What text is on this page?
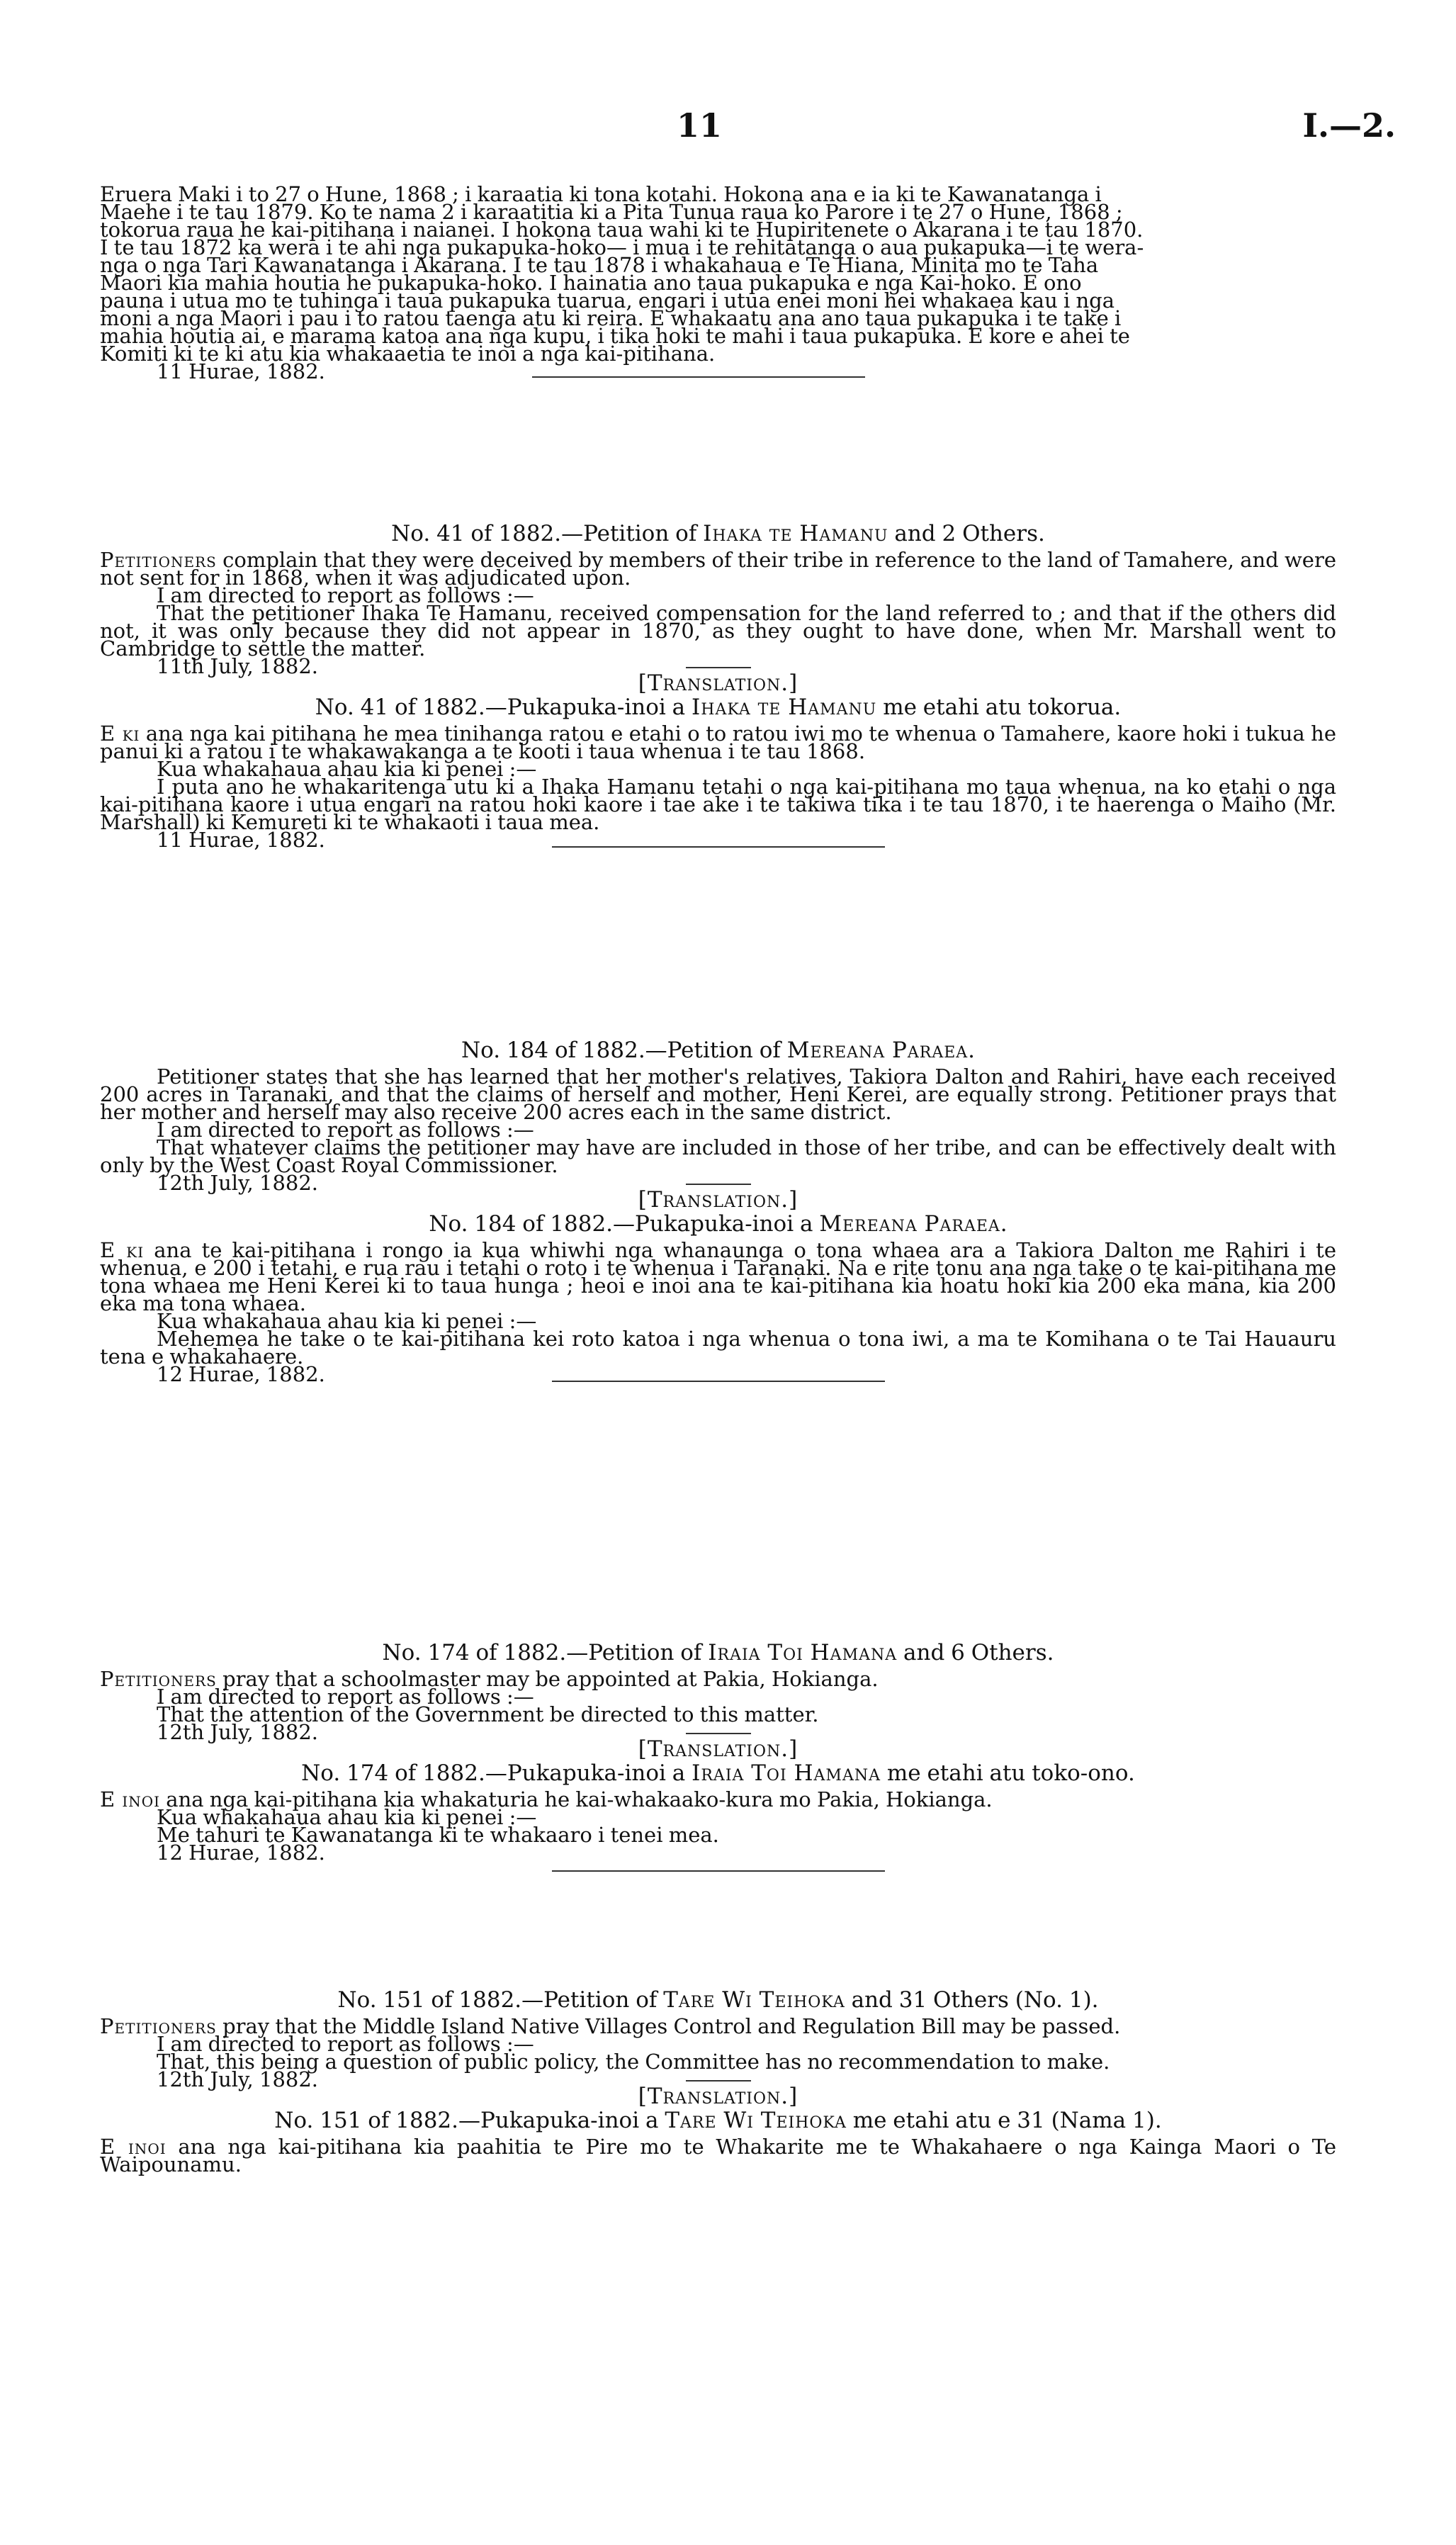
11	I.—2.
Eruera Maki i to 27 o Hune, 1868 ; i karaatia ki tona kotahi. Hokona ana e ia ki te Kawanatanga i
Maehe i te tau 1879. Ko te nama 2 i karaatitia ki a Pita Tunua raua ko Parore i te 27 o Hune, 1868 ;
tokorua raua he kai-pitihana i naianei. I hokona taua wahi ki te Hupiritenete o Akarana i te tau 1870.
I te tau 1872 ka wera i te ahi nga pukapuka-hoko— i mua i te rehitatanga o aua pukapuka—i te wera-
nga o nga Tari Kawanatanga i Akarana. I te tau 1878 i whakahaua e Te Hiana, Minita mo te Taha
Maori kia mahia houtia he pukapuka-hoko. I hainatia ano taua pukapuka e nga Kai-hoko. E ono
pauna i utua mo te tuhinga i taua pukapuka tuarua, engari i utua enei moni hei whakaea kau i nga
moni a nga Maori i pau i to ratou taenga atu ki reira. E whakaatu ana ano taua pukapuka i te take i
mahia houtia ai, e marama katoa ana nga kupu, i tika hoki te mahi i taua pukapuka. E kore e ahei te
Komiti ki te ki atu kia whakaaetia te inoi a nga kai-pitihana.
11 Hurae, 1882.

No. 41 of 1882.—Petition of Ihaka te Hamanu and 2 Others.

Petitioners complain that they were deceived by members of their tribe in reference to the land of Tamahere, and were not sent for in 1868, when it was adjudicated upon.

I am directed to report as follows :—

That the petitioner Ihaka Te Hamanu, received compensation for the land referred to ; and that if the others did not, it was only because they did not appear in 1870, as they ought to have done, when Mr. Marshall went to Cambridge to settle the matter.

11th July, 1882.

[Translation.]

No. 41 of 1882.—Pukapuka-inoi a Ihaka te Hamanu me etahi atu tokorua.

E ki ana nga kai pitihana he mea tinihanga ratou e etahi o to ratou iwi mo te whenua o Tamahere, kaore hoki i tukua he panui ki a ratou i te whakawakanga a te kooti i taua whenua i te tau 1868.

Kua whakahaua ahau kia ki penei :—

I puta ano he whakaritenga utu ki a Ihaka Hamanu tetahi o nga kai-pitihana mo taua whenua, na ko etahi o nga kai-pitihana kaore i utua engari na ratou hoki kaore i tae ake i te takiwa tika i te tau 1870, i te haerenga o Maiho (Mr. Marshall) ki Kemureti ki te whakaoti i taua mea.

11 Hurae, 1882.

No. 184 of 1882.—Petition of Mereana Paraea.

Petitioner states that she has learned that her mother's relatives, Takiora Dalton and Rahiri, have each received 200 acres in Taranaki, and that the claims of herself and mother, Heni Kerei, are equally strong. Petitioner prays that her mother and herself may also receive 200 acres each in the same district.

I am directed to report as follows :—

That whatever claims the petitioner may have are included in those of her tribe, and can be effectively dealt with only by the West Coast Royal Commissioner.

12th July, 1882.

[Translation.]

No. 184 of 1882.—Pukapuka-inoi a Mereana Paraea.

E ki ana te kai-pitihana i rongo ia kua whiwhi nga whanaunga o tona whaea ara a Takiora Dalton me Rahiri i te whenua, e 200 i tetahi, e rua rau i tetahi o roto i te whenua i Taranaki. Na e rite tonu ana nga take o te kai-pitihana me tona whaea me Heni Kerei ki to taua hunga ; heoi e inoi ana te kai-pitihana kia hoatu hoki kia 200 eka mana, kia 200 eka ma tona whaea.

Kua whakahaua ahau kia ki penei :—

Mehemea he take o te kai-pitihana kei roto katoa i nga whenua o tona iwi, a ma te Komihana o te Tai Hauauru tena e whakahaere.

12 Hurae, 1882.

No. 174 of 1882.—Petition of Iraia Toi Hamana and 6 Others.

Petitioners pray that a schoolmaster may be appointed at Pakia, Hokianga.

I am directed to report as follows :—

That the attention of the Government be directed to this matter.

12th July, 1882.

[Translation.]

No. 174 of 1882.—Pukapuka-inoi a Iraia Toi Hamana me etahi atu toko-ono.

E inoi ana nga kai-pitihana kia whakaturia he kai-whakaako-kura mo Pakia, Hokianga.

Kua whakahaua ahau kia ki penei :—

Me tahuri te Kawanatanga ki te whakaaro i tenei mea.

12 Hurae, 1882.

No. 151 of 1882.—Petition of Tare Wi Teihoka and 31 Others (No. 1).

Petitioners pray that the Middle Island Native Villages Control and Regulation Bill may be passed.

I am directed to report as follows :—

That, this being a question of public policy, the Committee has no recommendation to make.

12th July, 1882.

[Translation.]

No. 151 of 1882.—Pukapuka-inoi a Tare Wi Teihoka me etahi atu e 31 (Nama 1).

E inoi ana nga kai-pitihana kia paahitia te Pire mo te Whakarite me te Whakahaere o nga Kainga Maori o Te Waipounamu.
